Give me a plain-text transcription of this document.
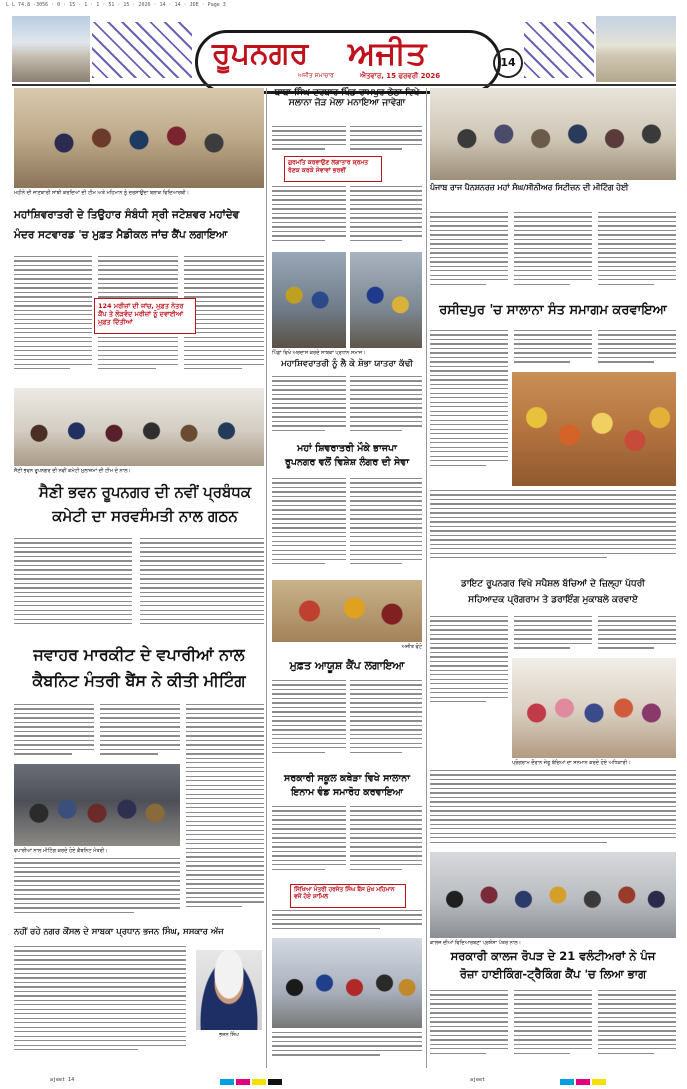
L L 74.8 ·3056 · 0 · 15 · 1 · 1 · 51 · 15 · 2026 · 14 · 14 · JDE · Page 3
ਰੂਪਨਗਰ ਅਜੀਤ
ਅਜੀਤ ਸਮਾਚਾਰ	ਐਤਵਾਰ, 15 ਫਰਵਰੀ 2026
14
ਮਹੀਨੇ ਦੀ ਜਾਣਕਾਰੀ ਸਾਂਝੀ ਕਰਦਿਆਂ ਦੀ ਟੀਮ ਅਤੇ ਮਹਿਮਾਨ ਨੂੰ ਦਰਸਾਉਂਦਾ ਬਲਾਕ ਵਿਦਿਆਰਥੀ।
ਮਹਾਂਸ਼ਿਵਰਾਤਰੀ ਦੇ ਤਿਉਹਾਰ ਸੰਬੰਧੀ ਸ੍ਰੀ ਜਟੇਸ਼ਵਰ ਮਹਾਂਦੇਵ
ਮੰਦਰ ਸਟਵਾਰਡ 'ਚ ਮੁਫ਼ਤ ਮੈਡੀਕਲ ਜਾਂਚ ਕੈਂਪ ਲਗਾਇਆ
124 ਮਰੀਜ਼ਾਂ ਦੀ ਜਾਂਚ, ਮੁਫ਼ਤ ਨੇਤਰ ਕੈਂਪ ਤੇ ਲੋੜਵੰਦ ਮਰੀਜ਼ਾਂ ਨੂੰ ਦਵਾਈਆਂ ਮੁਫ਼ਤ ਦਿੱਤੀਆਂ
ਸੈਣੀ ਭਵਨ ਰੂਪਨਗਰ ਦੀ ਨਵੀਂ ਕਮੇਟੀ ਮੁਲਾਜ਼ਮਾਂ ਦੀ ਟੀਮ ਦੇ ਨਾਲ।
ਸੈਣੀ ਭਵਨ ਰੂਪਨਗਰ ਦੀ ਨਵੀਂ ਪ੍ਰਬੰਧਕ
ਕਮੇਟੀ ਦਾ ਸਰਵਸੰਮਤੀ ਨਾਲ ਗਠਨ
ਜਵਾਹਰ ਮਾਰਕੀਟ ਦੇ ਵਪਾਰੀਆਂ ਨਾਲ
ਕੈਬਨਿਟ ਮੰਤਰੀ ਬੈਂਸ ਨੇ ਕੀਤੀ ਮੀਟਿੰਗ
ਵਪਾਰੀਆਂ ਨਾਲ ਮੀਟਿੰਗ ਕਰਦੇ ਹੋਏ ਕੈਬਨਿਟ ਮੰਤਰੀ।
ਨਹੀਂ ਰਹੇ ਨਗਰ ਕੌਂਸਲ ਦੇ ਸਾਬਕਾ ਪ੍ਰਧਾਨ ਭਜਨ ਸਿੰਘ, ਸਸਕਾਰ ਅੱਜ
ਭਜਨ ਸਿੰਘ
ਬਾਬਾ ਸਿੰਘ ਦਰਬਾਰ ਪਿੰਡ ਰਾਮਪੁਰ ਠੇਠਾ ਵਿਖੇ ਸਲਾਨਾ ਜੋੜ ਮੇਲਾ ਮਨਾਇਆ ਜਾਵੇਗਾ
ਗੁਰਮਤਿ ਕਰਵਾਉਣ ਲਗਾਤਾਰ ਸ਼੍ਰਮਤ ਰੋਣਕ ਕਰਕੇ ਸੇਵਾਵਾਂ ਭਰਵੀਂ
ਪਿੰਡਾਂ ਵਿਖੇ ਅਰਦਾਸ ਕਰਦੇ ਸਾਬਕਾ ਪ੍ਰਧਾਨ ਸਮਾਜ।
ਮਹਾਸ਼ਿਵਰਾਤਰੀ ਨੂੰ ਲੈ ਕੇ ਸ਼ੋਭਾ ਯਾਤਰਾ ਕੱਢੀ
ਮਹਾਂ ਸ਼ਿਵਰਾਤਰੀ ਮੌਕੇ ਭਾਜਪਾ
ਰੂਪਨਗਰ ਵਲੋਂ ਵਿਸ਼ੇਸ਼ ਲੰਗਰ ਦੀ ਸੇਵਾ
ਅਜੀਤ ਫੋਟੋ
ਮੁਫ਼ਤ ਆਯੂਸ਼ ਕੈਂਪ ਲਗਾਇਆ
ਸਰਕਾਰੀ ਸਕੂਲ ਕਥੇੜਾ ਵਿਖੇ ਸਾਲਾਨਾ
ਇਨਾਮ ਵੰਡ ਸਮਾਰੋਹ ਕਰਵਾਇਆ
ਸਿੱਖਿਆ ਮੰਤਰੀ ਹਰਜੋਤ ਸਿੰਘ ਬੈਂਸ ਮੁੱਖ ਮਹਿਮਾਨ ਵਜੋਂ ਹੋਏ ਸ਼ਾਮਿਲ
ਪੰਜਾਬ ਰਾਜ ਪੈਨਸ਼ਨਰਜ਼ ਮਹਾਂ ਸੰਘ/ਸੀਨੀਅਰ ਸਿਟੀਜ਼ਨ ਦੀ ਮੀਟਿੰਗ ਹੋਈ
ਰਸੀਦਪੁਰ 'ਚ ਸਾਲਾਨਾ ਸੰਤ ਸਮਾਗਮ ਕਰਵਾਇਆ
ਡਾਇਟ ਰੂਪਨਗਰ ਵਿਖੇ ਸਪੈਸ਼ਲ ਬੱਚਿਆਂ ਦੇ ਜ਼ਿਲ੍ਹਾ ਪੱਧਰੀ
ਸਹਿਆਦਕ ਪ੍ਰੋਗਰਾਮ ਤੇ ਡਰਾਇੰਗ ਮੁਕਾਬਲੇ ਕਰਵਾਏ
ਪ੍ਰੋਗਰਾਮ ਦੌਰਾਨ ਜੇਤੂ ਬੱਚਿਆਂ ਦਾ ਸਨਮਾਨ ਕਰਦੇ ਹੋਏ ਅਧਿਕਾਰੀ।
ਕਾਲਜ ਦੀਆਂ ਵਿਦਿਆਰਥਣਾਂ ਪ੍ਰਸ਼ੰਸਾ ਪੱਤਰ ਨਾਲ।
ਸਰਕਾਰੀ ਕਾਲਜ ਰੋਪੜ ਦੇ 21 ਵਲੰਟੀਅਰਾਂ ਨੇ ਪੰਜ
ਰੋਜ਼ਾ ਹਾਈਕਿੰਗ-ਟ੍ਰੈਕਿੰਗ ਕੈਂਪ 'ਚ ਲਿਆ ਭਾਗ
ajeet 14	ajeet
